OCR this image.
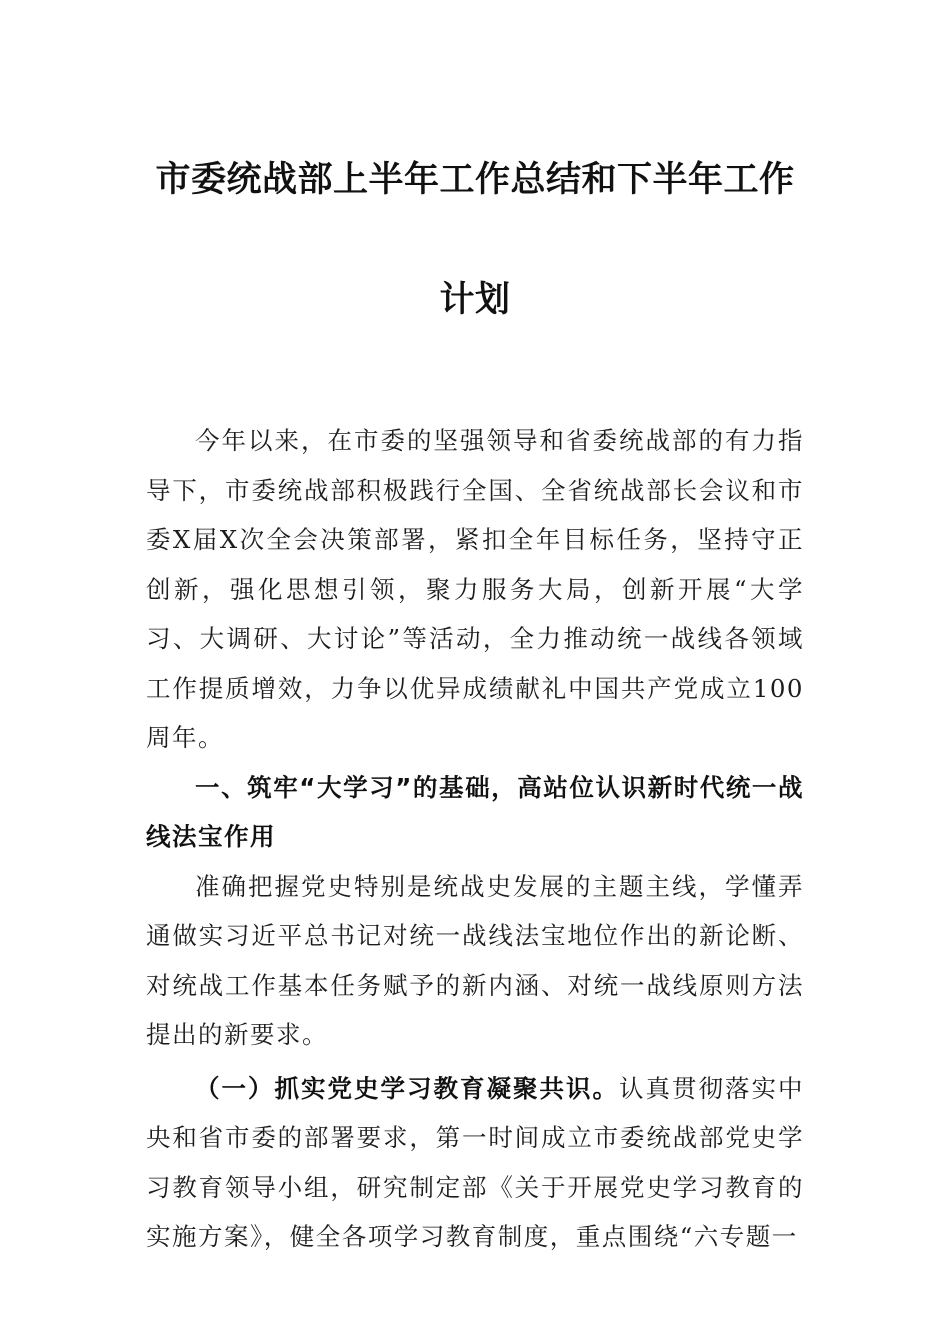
市委统战部上半年工作总结和下半年工作
计划

今年以来，在市委的坚强领导和省委统战部的有力指导下，市委统战部积极践行全国、全省统战部长会议和市委X届X次全会决策部署，紧扣全年目标任务，坚持守正创新，强化思想引领，聚力服务大局，创新开展“大学习、大调研、大讨论”等活动，全力推动统一战线各领域工作提质增效，力争以优异成绩献礼中国共产党成立100周年。

一、筑牢“大学习”的基础，高站位认识新时代统一战线法宝作用

准确把握党史特别是统战史发展的主题主线，学懂弄通做实习近平总书记对统一战线法宝地位作出的新论断、对统战工作基本任务赋予的新内涵、对统一战线原则方法提出的新要求。

（一）抓实党史学习教育凝聚共识。认真贯彻落实中央和省市委的部署要求，第一时间成立市委统战部党史学习教育领导小组，研究制定部《关于开展党史学习教育的实施方案》，健全各项学习教育制度，重点围绕“六专题一
